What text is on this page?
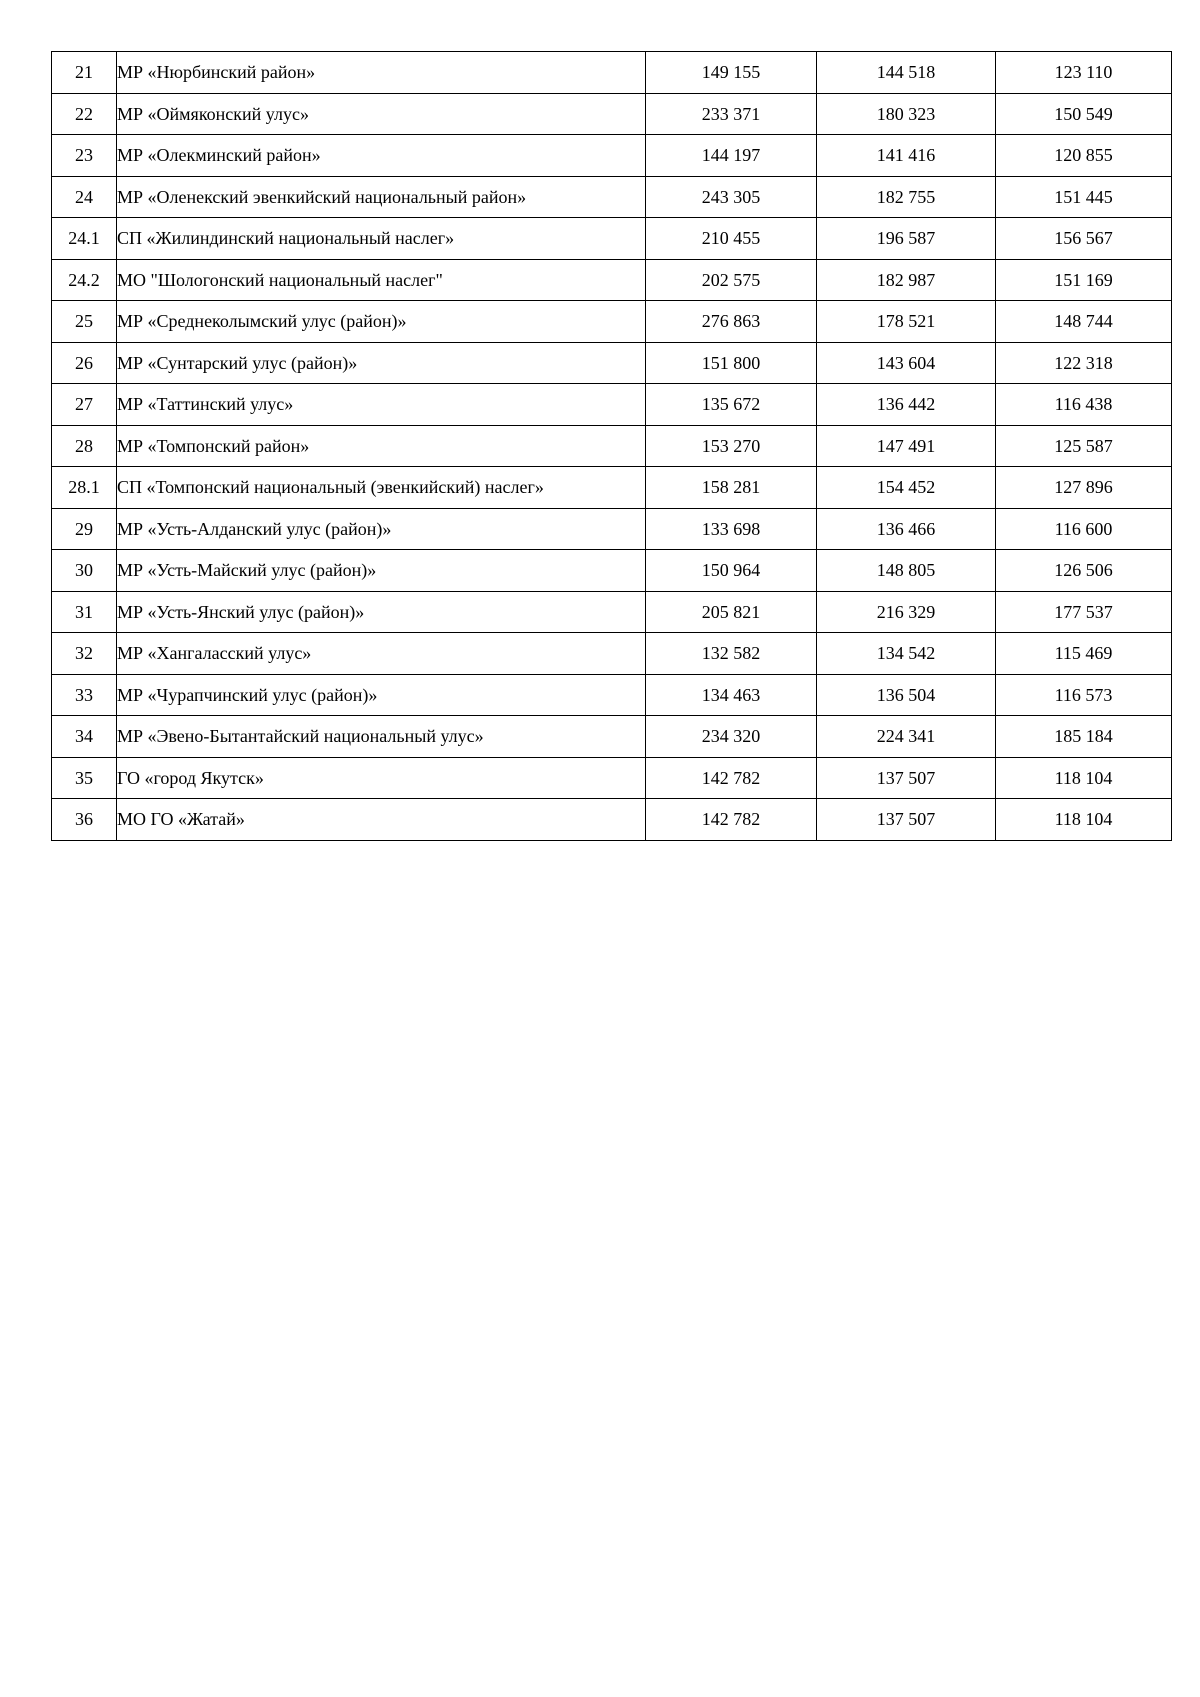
21	МР «Нюрбинский район»	149 155	144 518	123 110
22	МР «Оймяконский улус»	233 371	180 323	150 549
23	МР «Олекминский район»	144 197	141 416	120 855
24	МР «Оленекский эвенкийский национальный район»	243 305	182 755	151 445
24.1	СП «Жилиндинский национальный наслег»	210 455	196 587	156 567
24.2	МО "Шологонский национальный наслег"	202 575	182 987	151 169
25	МР «Среднеколымский улус (район)»	276 863	178 521	148 744
26	МР «Сунтарский улус (район)»	151 800	143 604	122 318
27	МР «Таттинский улус»	135 672	136 442	116 438
28	МР «Томпонский район»	153 270	147 491	125 587
28.1	СП «Томпонский национальный (эвенкийский) наслег»	158 281	154 452	127 896
29	МР «Усть-Алданский улус (район)»	133 698	136 466	116 600
30	МР «Усть-Майский улус (район)»	150 964	148 805	126 506
31	МР «Усть-Янский улус (район)»	205 821	216 329	177 537
32	МР «Хангаласский улус»	132 582	134 542	115 469
33	МР «Чурапчинский улус (район)»	134 463	136 504	116 573
34	МР «Эвено-Бытантайский национальный улус»	234 320	224 341	185 184
35	ГО «город Якутск»	142 782	137 507	118 104
36	МО ГО «Жатай»	142 782	137 507	118 104
